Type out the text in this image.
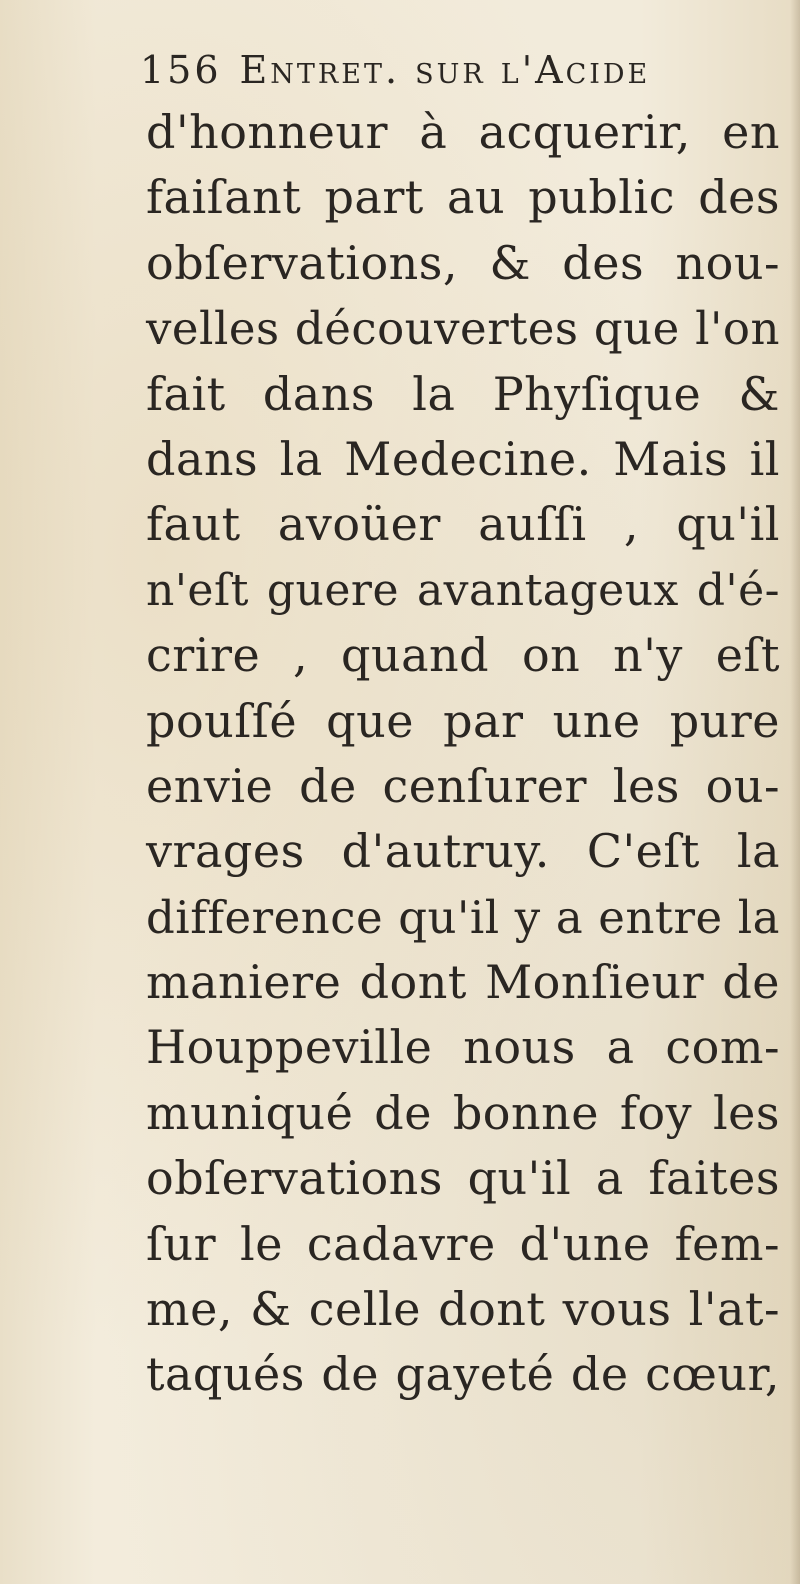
156 Entret. sur l'Acide
d'honneur à acquerir, en
faiſant part au public des
obſervations, & des nou-
velles découvertes que l'on
fait dans la Phyſique &
dans la Medecine. Mais il
faut avoüer auſſi , qu'il
n'eſt guere avantageux d'é-
crire , quand on n'y eſt
pouſſé que par une pure
envie de cenſurer les ou-
vrages d'autruy. C'eſt la
difference qu'il y a entre la
maniere dont Monſieur de
Houppeville nous a com-
muniqué de bonne foy les
obſervations qu'il a faites
ſur le cadavre d'une fem-
me, & celle dont vous l'at-
taqués de gayeté de cœur,
